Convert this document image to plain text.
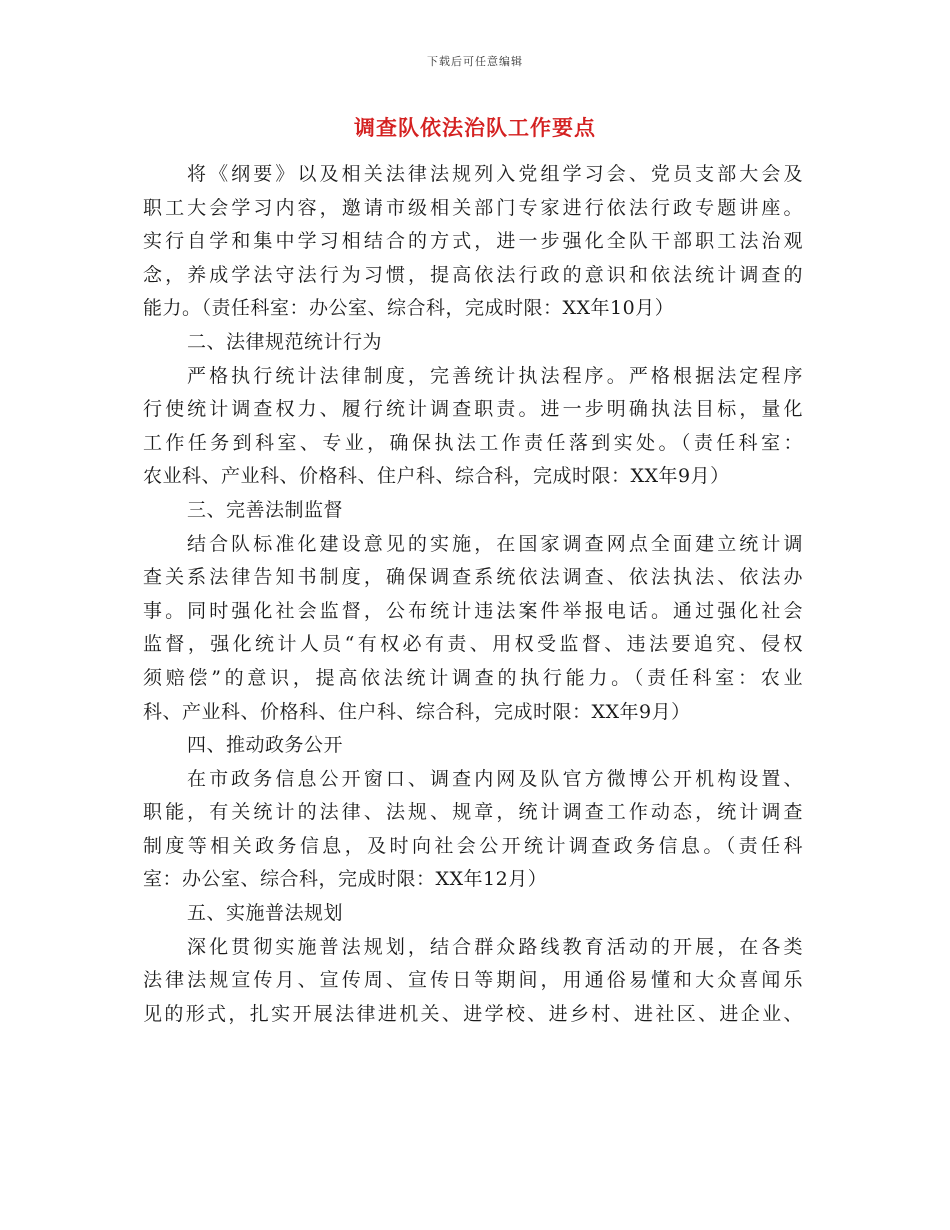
下载后可任意编辑
调查队依法治队工作要点
将《纲要》以及相关法律法规列入党组学习会、党员支部大会及
职工大会学习内容，邀请市级相关部门专家进行依法行政专题讲座。
实行自学和集中学习相结合的方式，进一步强化全队干部职工法治观
念，养成学法守法行为习惯，提高依法行政的意识和依法统计调查的
能力。（责任科室：办公室、综合科，完成时限：XX年10月）
二、法律规范统计行为
严格执行统计法律制度，完善统计执法程序。严格根据法定程序
行使统计调查权力、履行统计调查职责。进一步明确执法目标，量化
工作任务到科室、专业，确保执法工作责任落到实处。（责任科室：
农业科、产业科、价格科、住户科、综合科，完成时限：XX年9月）
三、完善法制监督
结合队标准化建设意见的实施，在国家调查网点全面建立统计调
查关系法律告知书制度，确保调查系统依法调查、依法执法、依法办
事。同时强化社会监督，公布统计违法案件举报电话。通过强化社会
监督，强化统计人员“有权必有责、用权受监督、违法要追究、侵权
须赔偿”的意识，提高依法统计调查的执行能力。（责任科室：农业
科、产业科、价格科、住户科、综合科，完成时限：XX年9月）
四、推动政务公开
在市政务信息公开窗口、调查内网及队官方微博公开机构设置、
职能，有关统计的法律、法规、规章，统计调查工作动态，统计调查
制度等相关政务信息，及时向社会公开统计调查政务信息。（责任科
室：办公室、综合科，完成时限：XX年12月）
五、实施普法规划
深化贯彻实施普法规划，结合群众路线教育活动的开展，在各类
法律法规宣传月、宣传周、宣传日等期间，用通俗易懂和大众喜闻乐
见的形式，扎实开展法律进机关、进学校、进乡村、进社区、进企业、
